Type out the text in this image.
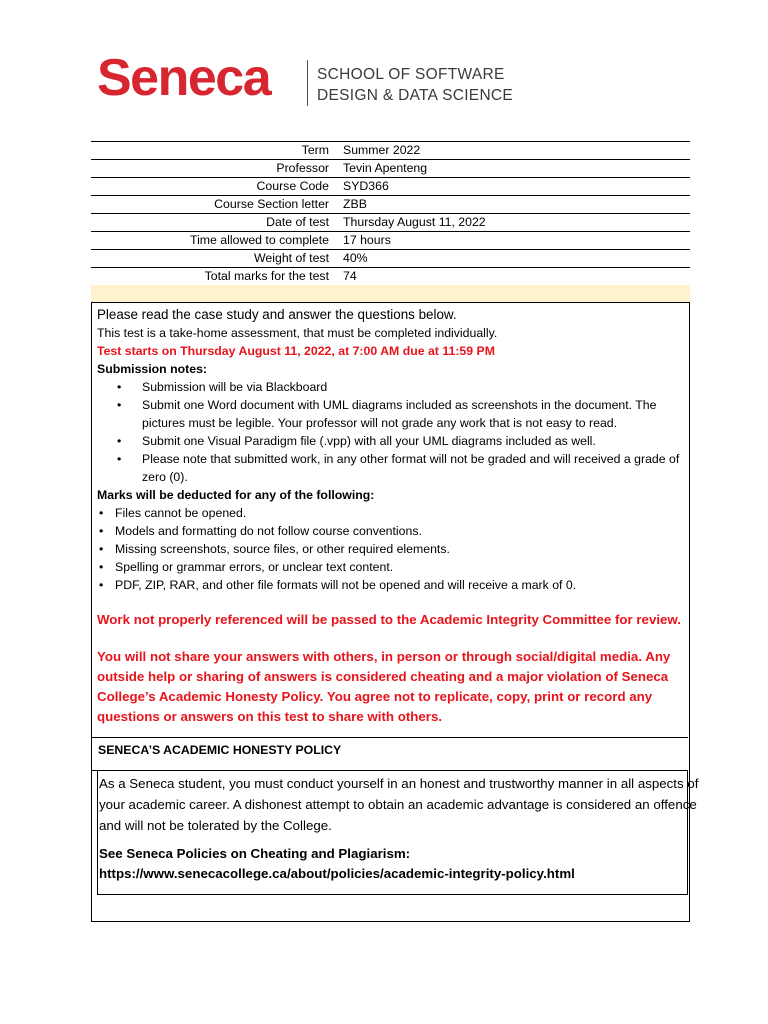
Seneca	SCHOOL OF SOFTWARE
DESIGN & DATA SCIENCE
Term	Summer 2022
Professor	Tevin Apenteng
Course Code	SYD366
Course Section letter	ZBB
Date of test	Thursday August 11, 2022
Time allowed to complete	17 hours
Weight of test	40%
Total marks for the test	74
Please read the case study and answer the questions below.
This test is a take-home assessment, that must be completed individually.
Test starts on Thursday August 11, 2022, at 7:00 AM due at 11:59 PM
Submission notes:
• Submission will be via Blackboard
• Submit one Word document with UML diagrams included as screenshots in the document. The pictures must be legible. Your professor will not grade any work that is not easy to read.
• Submit one Visual Paradigm file (.vpp) with all your UML diagrams included as well.
• Please note that submitted work, in any other format will not be graded and will received a grade of zero (0).
Marks will be deducted for any of the following:
• Files cannot be opened.
• Models and formatting do not follow course conventions.
• Missing screenshots, source files, or other required elements.
• Spelling or grammar errors, or unclear text content.
• PDF, ZIP, RAR, and other file formats will not be opened and will receive a mark of 0.
Work not properly referenced will be passed to the Academic Integrity Committee for review.
You will not share your answers with others, in person or through social/digital media. Any outside help or sharing of answers is considered cheating and a major violation of Seneca College’s Academic Honesty Policy. You agree not to replicate, copy, print or record any questions or answers on this test to share with others.
SENECA’S ACADEMIC HONESTY POLICY
As a Seneca student, you must conduct yourself in an honest and trustworthy manner in all aspects of
your academic career. A dishonest attempt to obtain an academic advantage is considered an offence
and will not be tolerated by the College.
See Seneca Policies on Cheating and Plagiarism:
https://www.senecacollege.ca/about/policies/academic-integrity-policy.html
